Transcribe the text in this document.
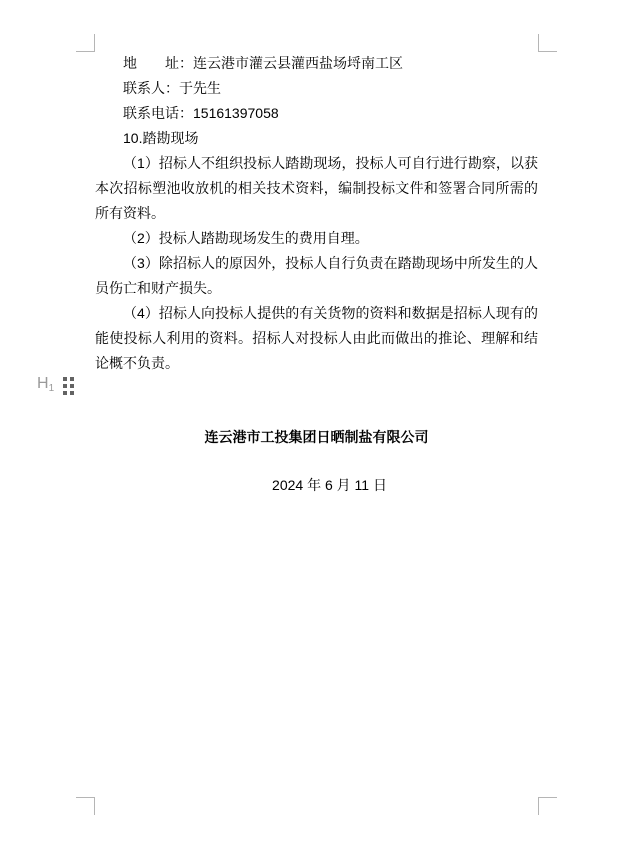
地　　址：连云港市灌云县灌西盐场埒南工区

联系人：于先生

联系电话：15161397058

10.踏勘现场

（1）招标人不组织投标人踏勘现场，投标人可自行进行勘察，以获本次招标塑池收放机的相关技术资料，编制投标文件和签署合同所需的所有资料。

（2）投标人踏勘现场发生的费用自理。

（3）除招标人的原因外，投标人自行负责在踏勘现场中所发生的人员伤亡和财产损失。

（4）招标人向投标人提供的有关货物的资料和数据是招标人现有的能使投标人利用的资料。招标人对投标人由此而做出的推论、理解和结论概不负责。

H1
连云港市工投集团日晒制盐有限公司
2024 年 6 月 11 日
